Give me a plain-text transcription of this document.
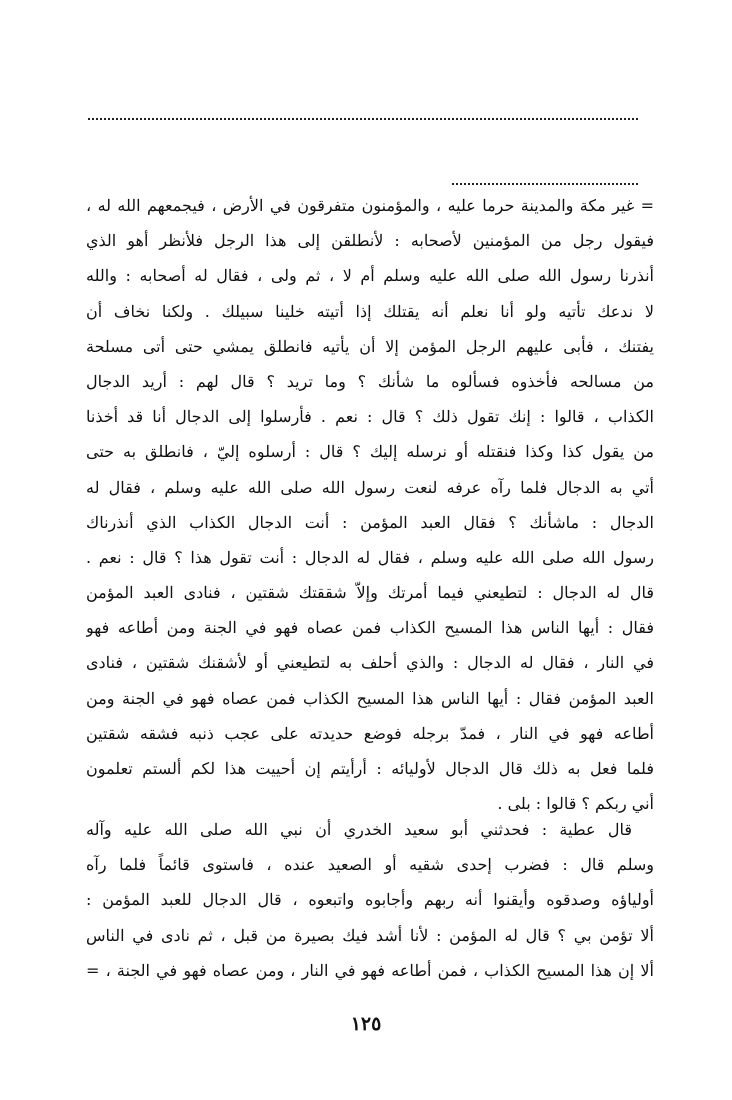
= غير مكة والمدينة حرما عليه ، والمؤمنون متفرقون في الأرض ، فيجمعهم الله له ،
فيقول رجل من المؤمنين لأصحابه : لأنطلقن إلى هذا الرجل فلأنظر أهو الذي
أنذرنا رسول الله صلى الله عليه وسلم أم لا ، ثم ولى ، فقال له أصحابه : والله
لا ندعك تأتيه ولو أنا نعلم أنه يقتلك إذا أتيته خلينا سبيلك . ولكنا نخاف أن
يفتنك ، فأبى عليهم الرجل المؤمن إلا أن يأتيه فانطلق يمشي حتى أتى مسلحة
من مسالحه فأخذوه فسألوه ما شأنك ؟ وما تريد ؟ قال لهم : أريد الدجال
الكذاب ، قالوا : إنك تقول ذلك ؟ قال : نعم . فأرسلوا إلى الدجال أنا قد أخذنا
من يقول كذا وكذا فنقتله أو نرسله إليك ؟ قال : أرسلوه إليّ ، فانطلق به حتى
أتي به الدجال فلما رآه عرفه لنعت رسول الله صلى الله عليه وسلم ، فقال له
الدجال : ماشأنك ؟ فقال العبد المؤمن : أنت الدجال الكذاب الذي أنذرناك
رسول الله صلى الله عليه وسلم ، فقال له الدجال : أنت تقول هذا ؟ قال : نعم .
قال له الدجال : لتطيعني فيما أمرتك وإلاّ شققتك شقتين ، فنادى العبد المؤمن
فقال : أيها الناس هذا المسيح الكذاب فمن عصاه فهو في الجنة ومن أطاعه فهو
في النار ، فقال له الدجال : والذي أحلف به لتطيعني أو لأشقنك شقتين ، فنادى
العبد المؤمن فقال : أيها الناس هذا المسيح الكذاب فمن عصاه فهو في الجنة ومن
أطاعه فهو في النار ، فمدّ برجله فوضع حديدته على عجب ذنبه فشقه شقتين
فلما فعل به ذلك قال الدجال لأوليائه : أرأيتم إن أحييت هذا لكم ألستم تعلمون
أني ربكم ؟ قالوا : بلى .
قال عطية : فحدثني أبو سعيد الخدري أن نبي الله صلى الله عليه وآله
وسلم قال : فضرب إحدى شقيه أو الصعيد عنده ، فاستوى قائماً فلما رآه
أولياؤه وصدقوه وأيقنوا أنه ربهم وأجابوه واتبعوه ، قال الدجال للعبد المؤمن :
ألا تؤمن بي ؟ قال له المؤمن : لأنا أشد فيك بصيرة من قبل ، ثم نادى في الناس
ألا إن هذا المسيح الكذاب ، فمن أطاعه فهو في النار ، ومن عصاه فهو في الجنة ، =
١٢٥
